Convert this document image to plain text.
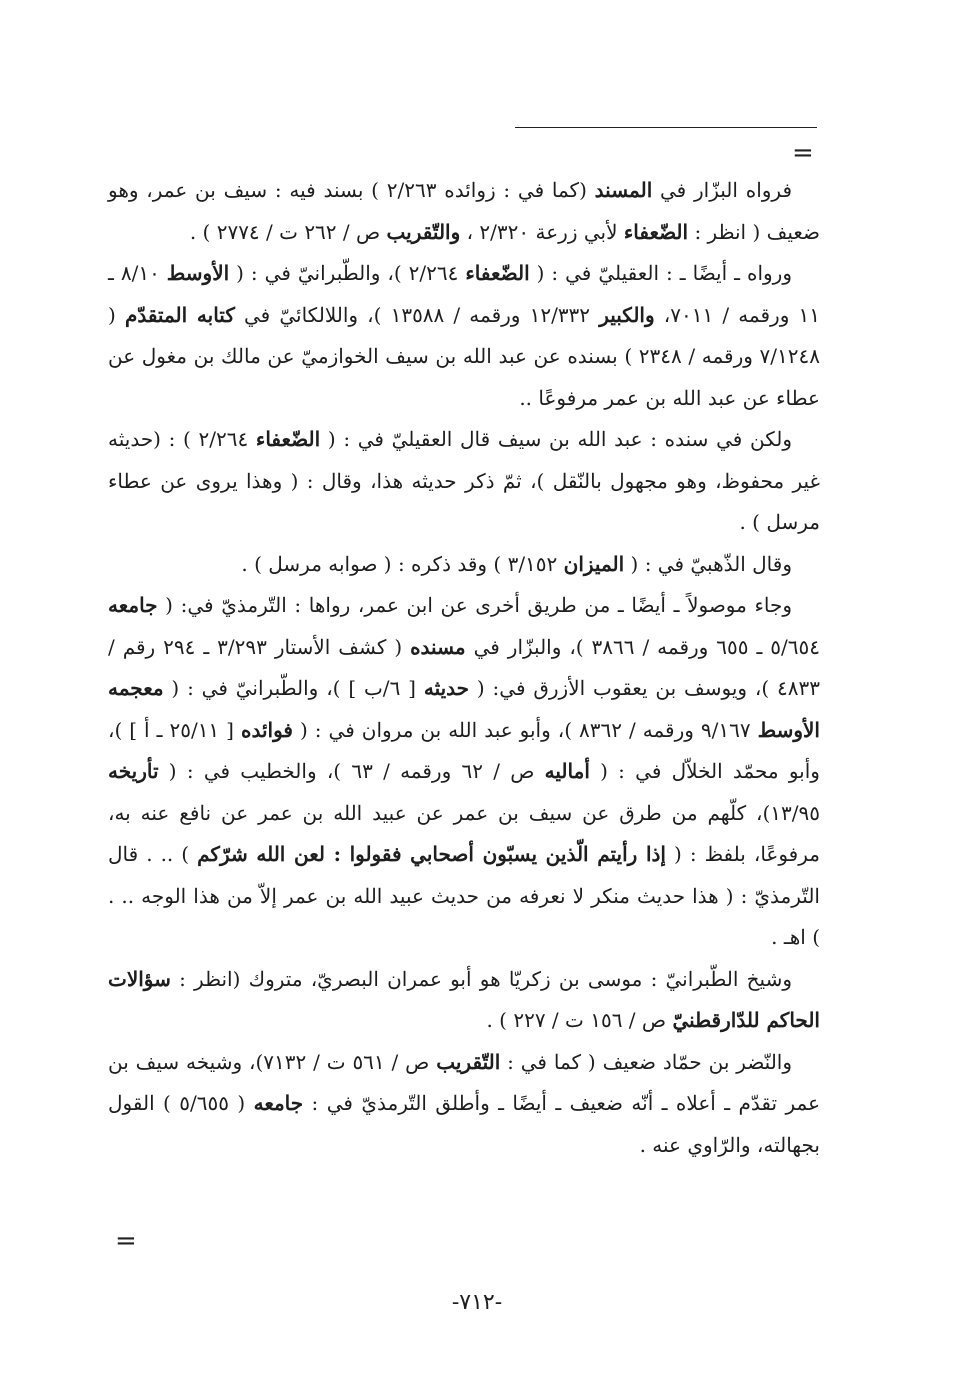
=

فرواه البزّار في المسند (كما في : زوائده ٢/٢٦٣ ) بسند فيه : سيف بن عمر، وهو ضعيف ( انظر : الضّعفاء لأبي زرعة ٢/٣٢٠ ، والتّقريب ص / ٢٦٢ ت / ٢٧٧٤ ) .

ورواه ـ أيضًا ـ : العقيليّ في : ( الضّعفاء ٢/٢٦٤ )، والطّبرانيّ في : ( الأوسط ٨/١٠ ـ ١١ ورقمه / ٧٠١١، والكبير ١٢/٣٣٢ ورقمه / ١٣٥٨٨ )، واللالكائيّ في كتابه المتقدّم ( ٧/١٢٤٨ ورقمه / ٢٣٤٨ ) بسنده عن عبد الله بن سيف الخوازميّ عن مالك بن مغول عن عطاء عن عبد الله بن عمر مرفوعًا ..

ولكن في سنده : عبد الله بن سيف قال العقيليّ في : ( الضّعفاء ٢/٢٦٤ ) : (حديثه غير محفوظ، وهو مجهول بالنّقل )، ثمّ ذكر حديثه هذا، وقال : ( وهذا يروى عن عطاء مرسل ) .

وقال الذّهبيّ في : ( الميزان ٣/١٥٢ ) وقد ذكره : ( صوابه مرسل ) .

وجاء موصولاً ـ أيضًا ـ من طريق أخرى عن ابن عمر، رواها : التّرمذيّ في: ( جامعه ٥/٦٥٤ ـ ٦٥٥ ورقمه / ٣٨٦٦ )، والبزّار في مسنده ( كشف الأستار ٣/٢٩٣ ـ ٢٩٤ رقم / ٤٨٣٣ )، ويوسف بن يعقوب الأزرق في: ( حديثه [ ٦/ب ] )، والطّبرانيّ في : ( معجمه الأوسط ٩/١٦٧ ورقمه / ٨٣٦٢ )، وأبو عبد الله بن مروان في : ( فوائده [ ٢٥/١١ ـ أ ] )، وأبو محمّد الخلاّل في : ( أماليه ص / ٦٢ ورقمه / ٦٣ )، والخطيب في : ( تأريخه ١٣/٩٥)، كلّهم من طرق عن سيف بن عمر عن عبيد الله بن عمر عن نافع عنه به، مرفوعًا، بلفظ : ( إذا رأيتم الّذين يسبّون أصحابي فقولوا : لعن الله شرّكم ) .. . قال التّرمذيّ : ( هذا حديث منكر لا نعرفه من حديث عبيد الله بن عمر إلاّ من هذا الوجه .. . ) اهـ .

وشيخ الطّبرانيّ : موسى بن زكريّا هو أبو عمران البصريّ، متروك (انظر : سؤالات الحاكم للدّارقطنيّ ص / ١٥٦ ت / ٢٢٧ ) .

والنّضر بن حمّاد ضعيف ( كما في : التّقريب ص / ٥٦١ ت / ٧١٣٢)، وشيخه سيف بن عمر تقدّم ـ أعلاه ـ أنّه ضعيف ـ أيضًا ـ وأطلق التّرمذيّ في : جامعه ( ٥/٦٥٥ ) القول بجهالته، والرّاوي عنه .

=
-٧١٢-
